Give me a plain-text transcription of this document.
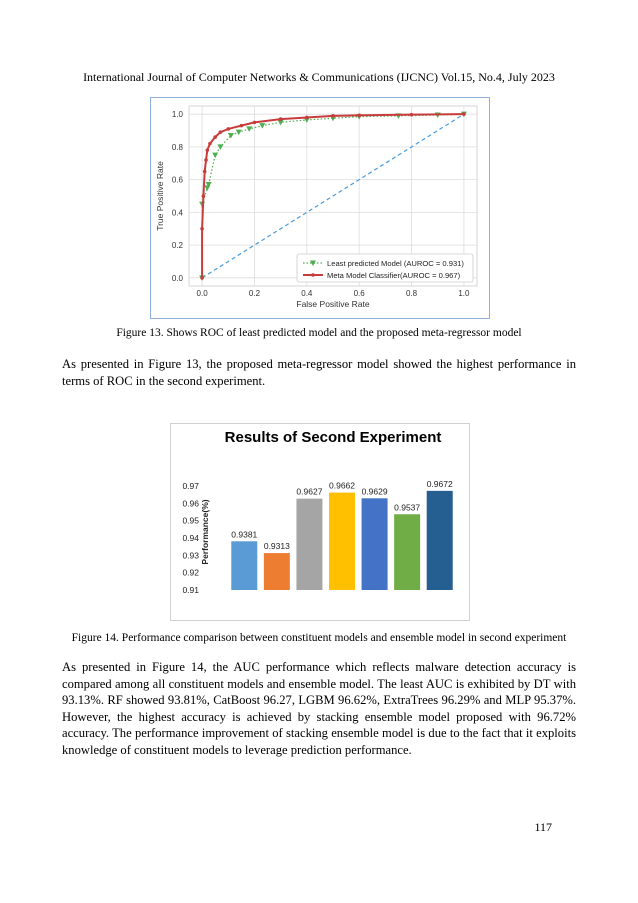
International Journal of Computer Networks & Communications (IJCNC) Vol.15, No.4, July 2023
0.0	0.2	0.4	0.6	0.8	1.0
0.0
0.2
0.4
0.6
0.8
1.0
False Positive Rate
True Positive Rate
Least predicted Model (AUROC = 0.931)
Meta Model Classifier(AUROC = 0.967)
Figure 13. Shows ROC of least predicted model and the proposed meta-regressor model
As presented in Figure 13, the proposed meta-regressor model showed the highest performance in terms of ROC in the second experiment.
Results of Second Experiment
0.91
0.92
0.93
0.94
0.95
0.96
0.97
Performance(%)	0.9381
0.9313
0.9627
0.9662
0.9629
0.9537
0.9672
Figure 14. Performance comparison between constituent models and ensemble model in second experiment
As presented in Figure 14, the AUC performance which reflects malware detection accuracy is compared among all constituent models and ensemble model. The least AUC is exhibited by DT with 93.13%. RF showed 93.81%, CatBoost 96.27, LGBM 96.62%, ExtraTrees 96.29% and MLP 95.37%. However, the highest accuracy is achieved by stacking ensemble model proposed with 96.72% accuracy. The performance improvement of stacking ensemble model is due to the fact that it exploits knowledge of constituent models to leverage prediction performance.
117
